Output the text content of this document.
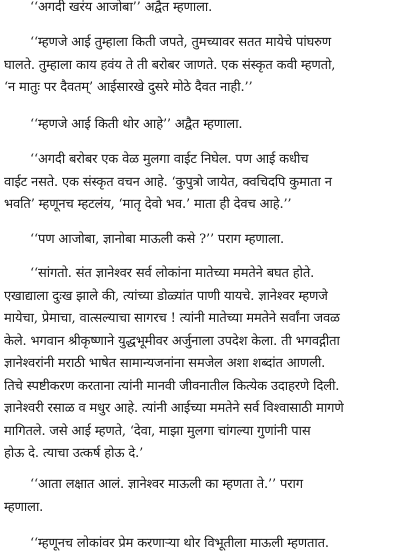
‘‘अगदी खरंय आजोबा’’ अद्वैत म्हणाला.

‘‘म्हणजे आई तुम्हाला किती जपते, तुमच्यावर सतत मायेचे पांघरुण
घालते. तुम्हाला काय हवंय ते ती बरोबर जाणते. एक संस्कृत कवी म्हणतो,
‘न मातुः पर दैवतम्’ आईसारखे दुसरे मोठे दैवत नाही.’’

‘‘म्हणजे आई किती थोर आहे’’ अद्वैत म्हणाला.

‘‘अगदी बरोबर एक वेळ मुलगा वाईट निघेल. पण आई कधीच
वाईट नसते. एक संस्कृत वचन आहे. ‘कुपुत्रो जायेत, क्वचिदपि कुमाता न
भवति’ म्हणूनच म्हटलंय, ‘मातृ देवो भव.’ माता ही देवच आहे.’’

‘‘पण आजोबा, ज्ञानोबा माऊली कसे ?’’ पराग म्हणाला.

‘‘सांगतो. संत ज्ञानेश्वर सर्व लोकांना मातेच्या ममतेने बघत होते.
एखाद्याला दुःख झाले की, त्यांच्या डोळ्यांत पाणी यायचे. ज्ञानेश्वर म्हणजे
मायेचा, प्रेमाचा, वात्सल्याचा सागरच ! त्यांनी मातेच्या ममतेने सर्वांना जवळ
केले. भगवान श्रीकृष्णाने युद्धभूमीवर अर्जुनाला उपदेश केला. ती भगवद्गीता
ज्ञानेश्वरांनी मराठी भाषेत सामान्यजनांना समजेल अशा शब्दांत आणली.
तिचे स्पष्टीकरण करताना त्यांनी मानवी जीवनातील कित्येक उदाहरणे दिली.
ज्ञानेश्वरी रसाळ व मधुर आहे. त्यांनी आईच्या ममतेने सर्व विश्वासाठी मागणे
मागितले. जसे आई म्हणते, ‘देवा, माझा मुलगा चांगल्या गुणांनी पास
होऊ दे. त्याचा उत्कर्ष होऊ दे.’

‘‘आता लक्षात आलं. ज्ञानेश्वर माऊली का म्हणता ते.’’ पराग
म्हणाला.

‘‘म्हणूनच लोकांवर प्रेम करणाऱ्या थोर विभूतीला माऊली म्हणतात.
